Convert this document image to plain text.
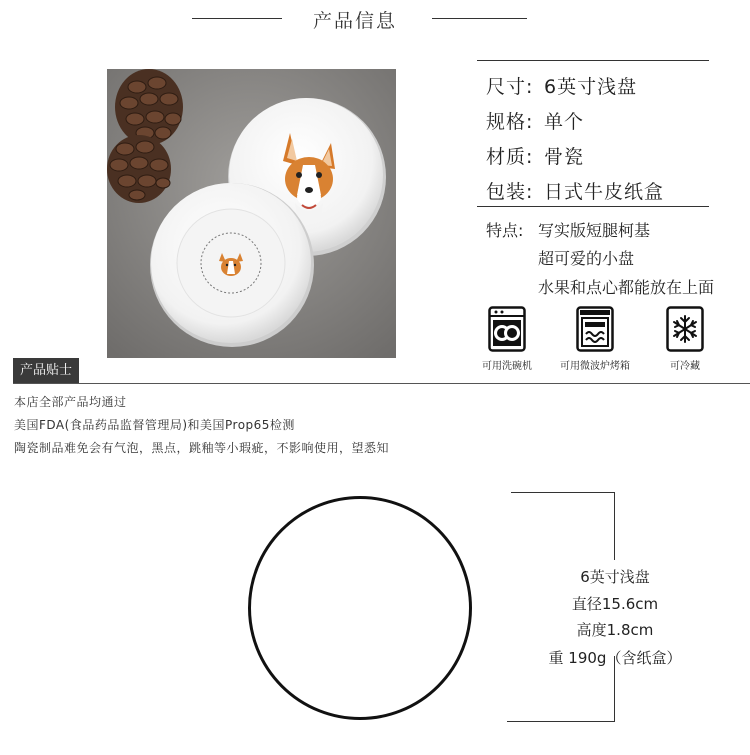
产品信息
尺寸: 6英寸浅盘
规格: 单个
材质: 骨瓷
包装: 日式牛皮纸盒
特点: 写实版短腿柯基
超可爱的小盘
水果和点心都能放在上面
可用洗碗机	可用微波炉烤箱	可冷藏
产品贴士
本店全部产品均通过
美国FDA(食品药品监督管理局)和美国Prop65检测
陶瓷制品难免会有气泡，黑点，跳釉等小瑕疵，不影响使用，望悉知
6英寸浅盘
直径15.6cm
高度1.8cm
重 190g（含纸盒）
